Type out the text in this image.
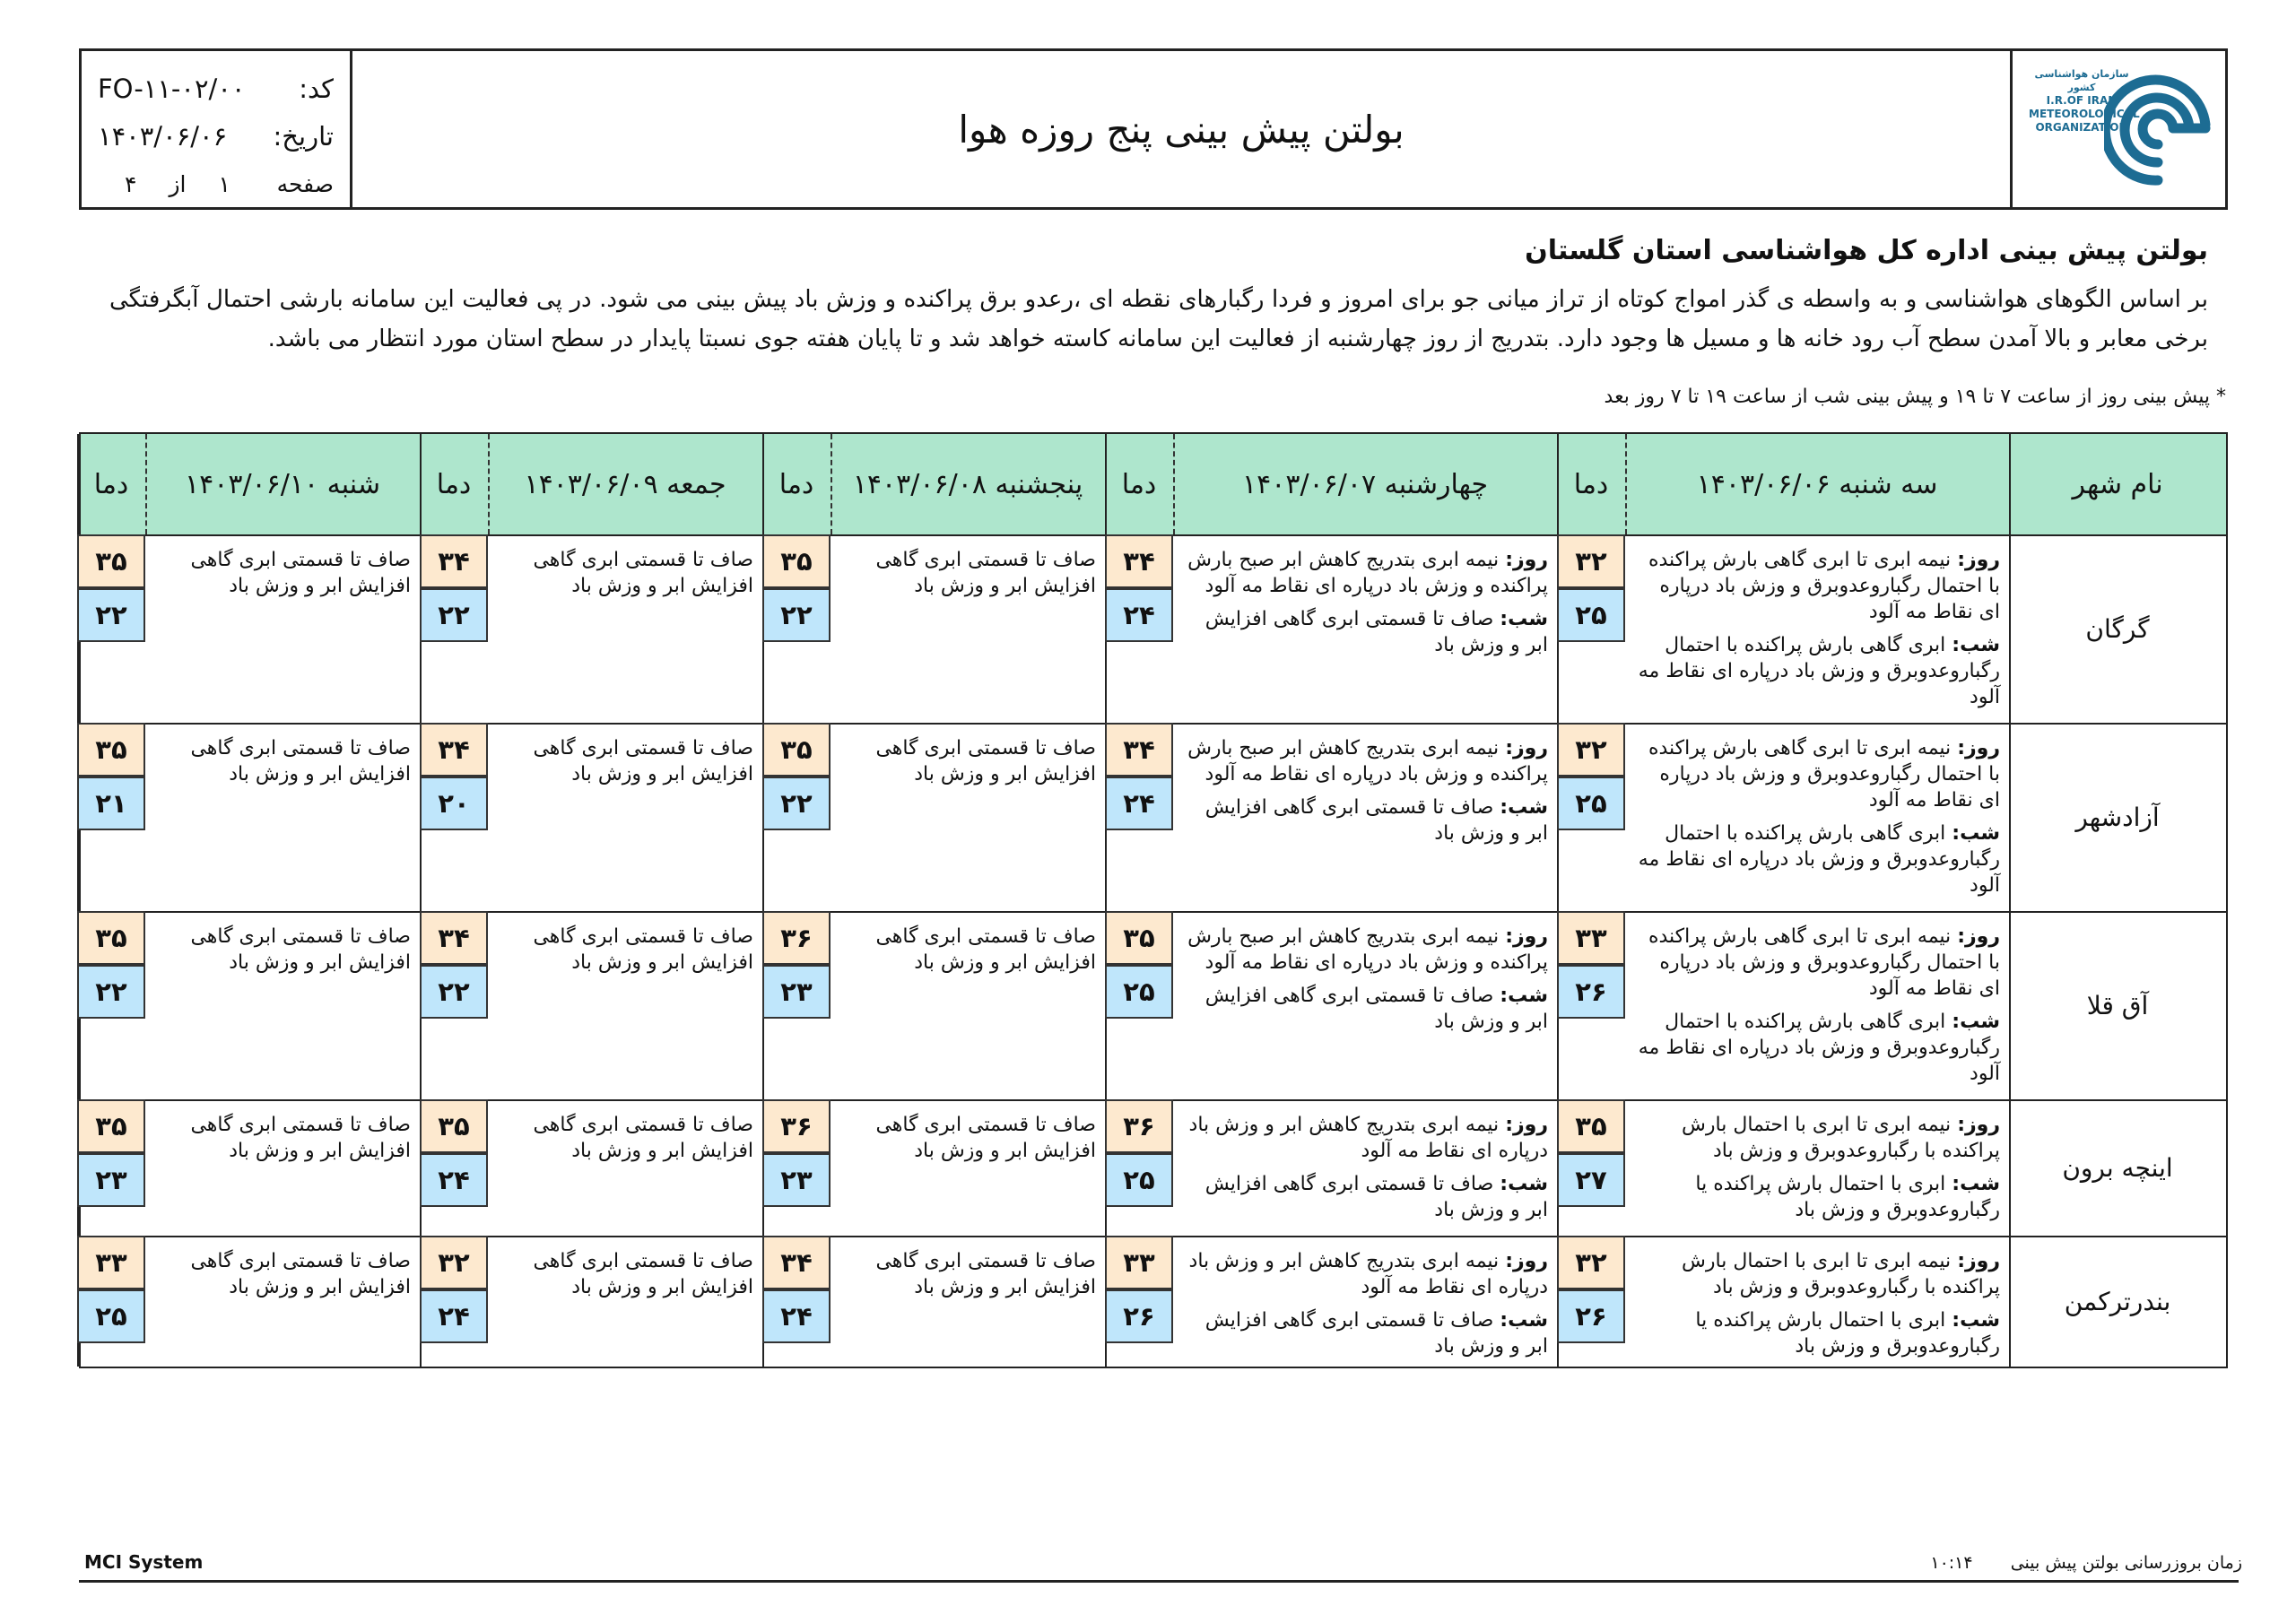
کد:
FO-۱۱-۰۲/۰۰
تاریخ:
۱۴۰۳/۰۶/۰۶
صفحه
۱
از
۴
بولتن پیش بینی پنج روزه هوا
سازمان هواشناسی کشور
I.R.OF IRAN
METEOROLOGICAL
ORGANIZATION
بولتن پیش بینی اداره کل هواشناسی استان گلستان

بر اساس الگوهای هواشناسی و به واسطه ی گذر امواج کوتاه از تراز میانی جو برای امروز و فردا رگبارهای نقطه ای ،رعدو برق پراکنده و وزش باد پیش بینی می شود. در پی فعالیت این سامانه بارشی احتمال آبگرفتگی برخی معابر و بالا آمدن سطح آب رود خانه ها و مسیل ها وجود دارد. بتدریج از روز چهارشنبه از فعالیت این سامانه کاسته خواهد شد و تا پایان هفته جوی نسبتا پایدار در سطح استان مورد انتظار می باشد.

* پیش بینی روز از ساعت ۷ تا ۱۹ و پیش بینی شب از ساعت ۱۹ تا ۷ روز بعد
نام شهر
سه شنبه ۱۴۰۳/۰۶/۰۶
دما
چهارشنبه ۱۴۰۳/۰۶/۰۷
دما
پنجشنبه ۱۴۰۳/۰۶/۰۸
دما
جمعه ۱۴۰۳/۰۶/۰۹
دما
شنبه ۱۴۰۳/۰۶/۱۰
دما
گرگان
روز: نیمه ابری تا ابری گاهی بارش پراکنده با احتمال رگباروعدوبرق و وزش باد درپاره ای نقاط مه آلود
شب: ابری گاهی بارش پراکنده با احتمال رگباروعدوبرق و وزش باد درپاره ای نقاط مه آلود
۳۲
۲۵
روز: نیمه ابری بتدریج کاهش ابر صبح بارش پراکنده و وزش باد درپاره ای نقاط مه آلود
شب: صاف تا قسمتی ابری گاهی افزایش ابر و وزش باد
۳۴
۲۴
صاف تا قسمتی ابری گاهی افزایش ابر و وزش باد
۳۵
۲۲
صاف تا قسمتی ابری گاهی افزایش ابر و وزش باد
۳۴
۲۲
صاف تا قسمتی ابری گاهی افزایش ابر و وزش باد
۳۵
۲۲
آزادشهر
روز: نیمه ابری تا ابری گاهی بارش پراکنده با احتمال رگباروعدوبرق و وزش باد درپاره ای نقاط مه آلود
شب: ابری گاهی بارش پراکنده با احتمال رگباروعدوبرق و وزش باد درپاره ای نقاط مه آلود
۳۲
۲۵
روز: نیمه ابری بتدریج کاهش ابر صبح بارش پراکنده و وزش باد درپاره ای نقاط مه آلود
شب: صاف تا قسمتی ابری گاهی افزایش ابر و وزش باد
۳۴
۲۴
صاف تا قسمتی ابری گاهی افزایش ابر و وزش باد
۳۵
۲۲
صاف تا قسمتی ابری گاهی افزایش ابر و وزش باد
۳۴
۲۰
صاف تا قسمتی ابری گاهی افزایش ابر و وزش باد
۳۵
۲۱
آق قلا
روز: نیمه ابری تا ابری گاهی بارش پراکنده با احتمال رگباروعدوبرق و وزش باد درپاره ای نقاط مه آلود
شب: ابری گاهی بارش پراکنده با احتمال رگباروعدوبرق و وزش باد درپاره ای نقاط مه آلود
۳۳
۲۶
روز: نیمه ابری بتدریج کاهش ابر صبح بارش پراکنده و وزش باد درپاره ای نقاط مه آلود
شب: صاف تا قسمتی ابری گاهی افزایش ابر و وزش باد
۳۵
۲۵
صاف تا قسمتی ابری گاهی افزایش ابر و وزش باد
۳۶
۲۳
صاف تا قسمتی ابری گاهی افزایش ابر و وزش باد
۳۴
۲۲
صاف تا قسمتی ابری گاهی افزایش ابر و وزش باد
۳۵
۲۲
اینچه برون
روز: نیمه ابری تا ابری با احتمال بارش پراکنده با رگباروعدوبرق و وزش باد
شب: ابری با احتمال بارش پراکنده یا رگباروعدوبرق و وزش باد
۳۵
۲۷
روز: نیمه ابری بتدریج کاهش ابر و وزش باد درپاره ای نقاط مه آلود
شب: صاف تا قسمتی ابری گاهی افزایش ابر و وزش باد
۳۶
۲۵
صاف تا قسمتی ابری گاهی افزایش ابر و وزش باد
۳۶
۲۳
صاف تا قسمتی ابری گاهی افزایش ابر و وزش باد
۳۵
۲۴
صاف تا قسمتی ابری گاهی افزایش ابر و وزش باد
۳۵
۲۳
بندرترکمن
روز: نیمه ابری تا ابری با احتمال بارش پراکنده با رگباروعدوبرق و وزش باد
شب: ابری با احتمال بارش پراکنده یا رگباروعدوبرق و وزش باد
۳۲
۲۶
روز: نیمه ابری بتدریج کاهش ابر و وزش باد درپاره ای نقاط مه آلود
شب: صاف تا قسمتی ابری گاهی افزایش ابر و وزش باد
۳۳
۲۶
صاف تا قسمتی ابری گاهی افزایش ابر و وزش باد
۳۴
۲۴
صاف تا قسمتی ابری گاهی افزایش ابر و وزش باد
۳۲
۲۴
صاف تا قسمتی ابری گاهی افزایش ابر و وزش باد
۳۳
۲۵
MCI System	زمان بروزرسانی بولتن پیش بینی  ۱۰:۱۴
